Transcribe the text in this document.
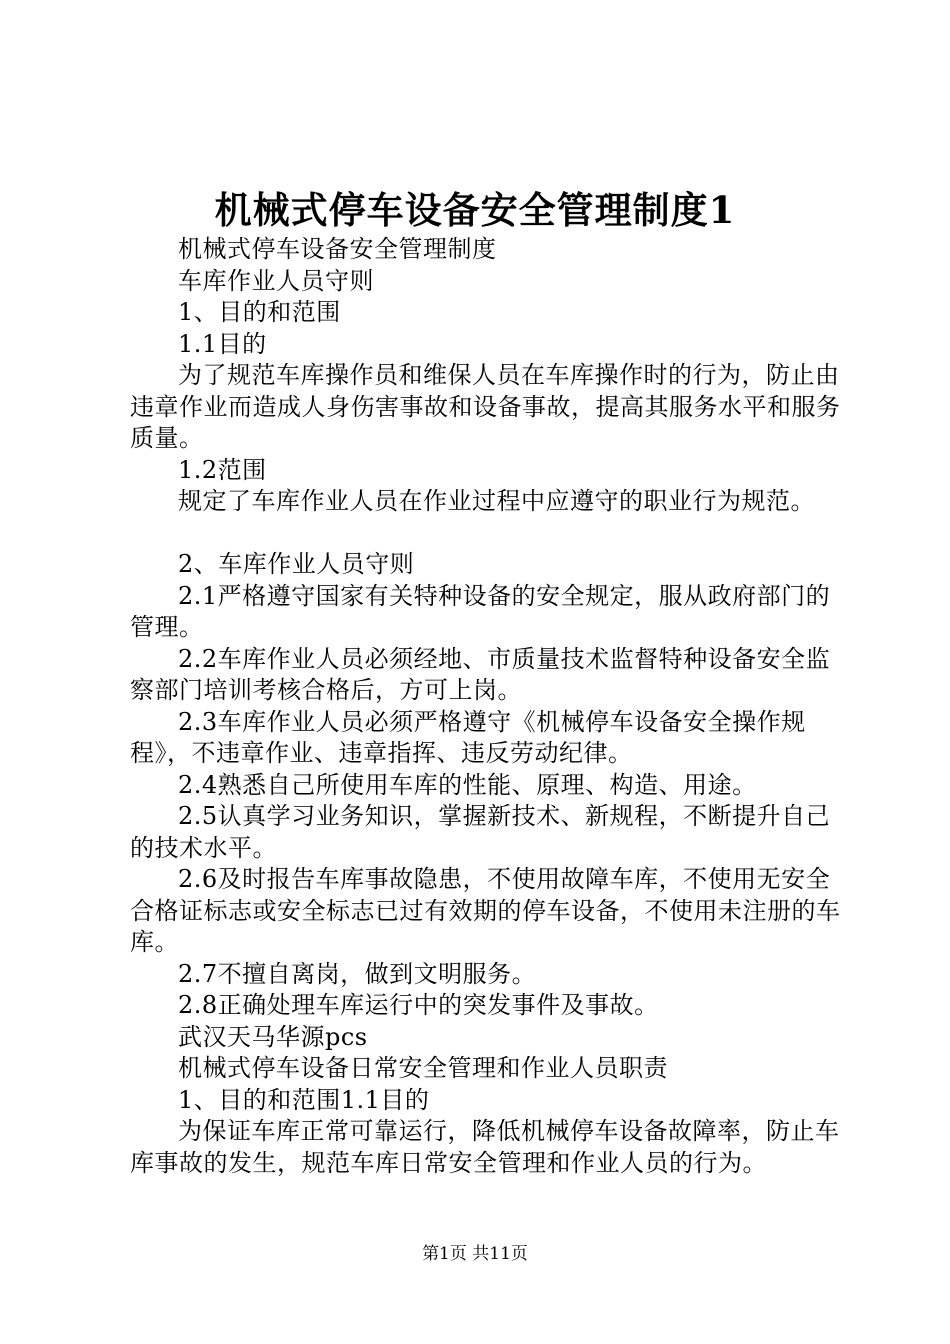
机械式停车设备安全管理制度1

机械式停车设备安全管理制度

车库作业人员守则

1、目的和范围

1.1目的

为了规范车库操作员和维保人员在车库操作时的行为，防止由违章作业而造成人身伤害事故和设备事故，提高其服务水平和服务质量。

1.2范围

规定了车库作业人员在作业过程中应遵守的职业行为规范。

2、车库作业人员守则

2.1严格遵守国家有关特种设备的安全规定，服从政府部门的管理。

2.2车库作业人员必须经地、市质量技术监督特种设备安全监察部门培训考核合格后，方可上岗。

2.3车库作业人员必须严格遵守《机械停车设备安全操作规程》，不违章作业、违章指挥、违反劳动纪律。

2.4熟悉自己所使用车库的性能、原理、构造、用途。

2.5认真学习业务知识，掌握新技术、新规程，不断提升自己的技术水平。

2.6及时报告车库事故隐患，不使用故障车库，不使用无安全合格证标志或安全标志已过有效期的停车设备，不使用未注册的车库。

2.7不擅自离岗，做到文明服务。

2.8正确处理车库运行中的突发事件及事故。

武汉天马华源pcs

机械式停车设备日常安全管理和作业人员职责

1、目的和范围1.1目的

为保证车库正常可靠运行，降低机械停车设备故障率，防止车库事故的发生，规范车库日常安全管理和作业人员的行为。

第1页 共11页
